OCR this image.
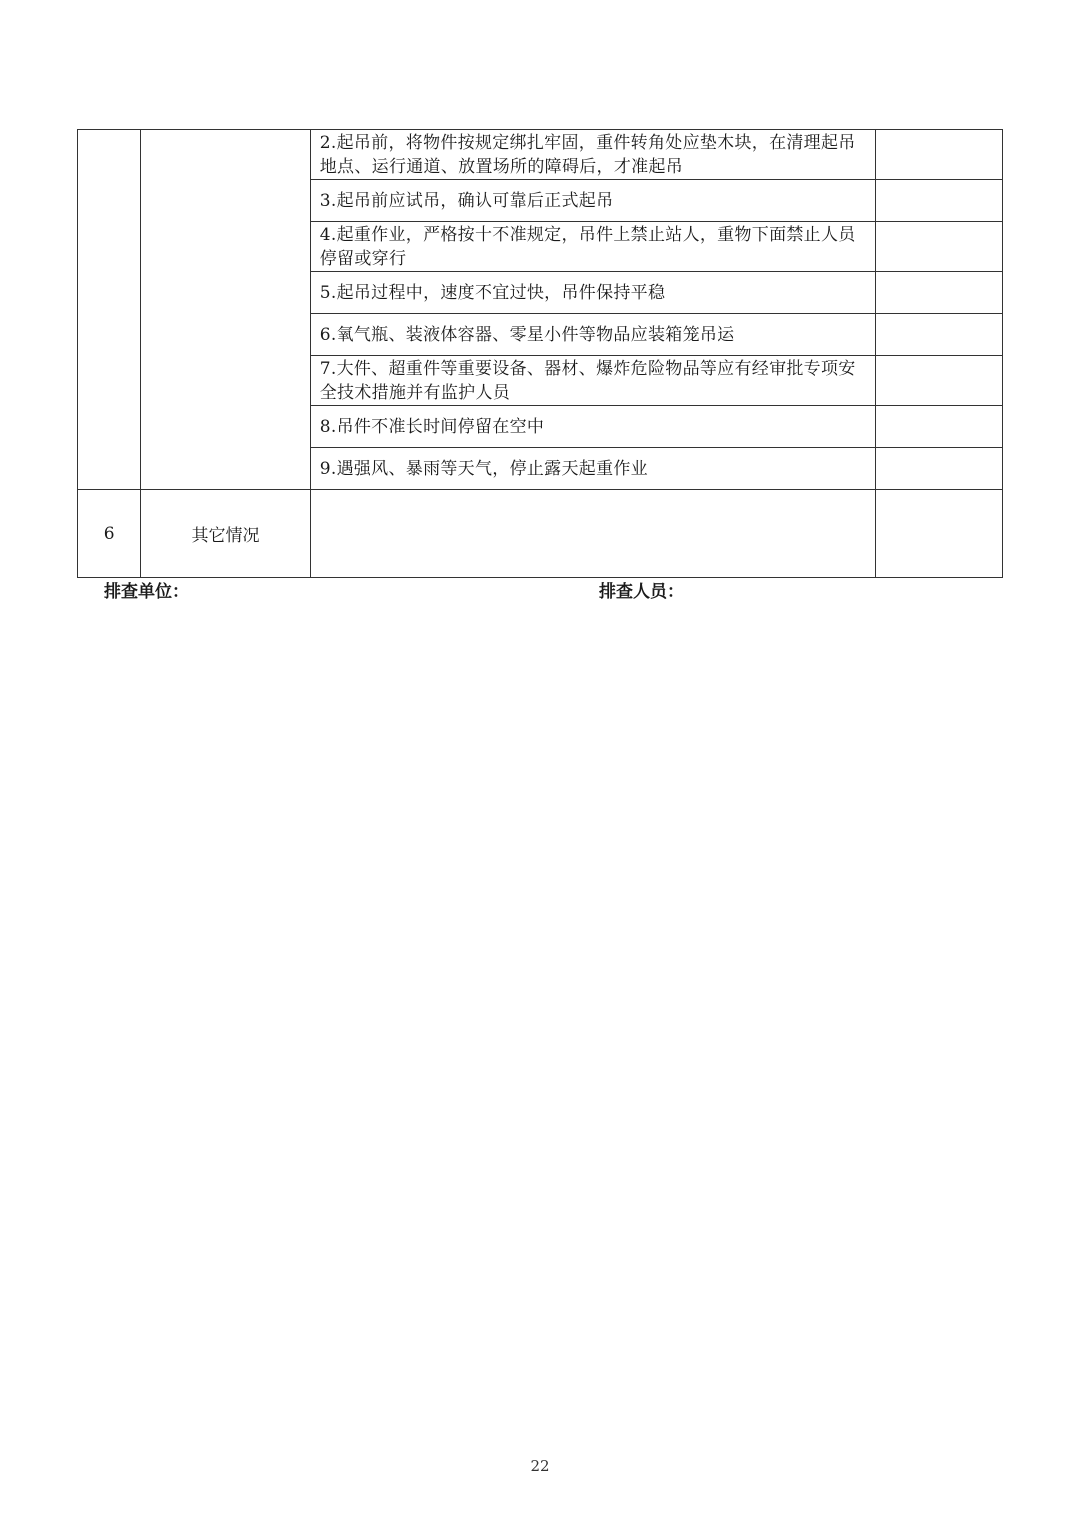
		2.起吊前，将物件按规定绑扎牢固，重件转角处应垫木块，在清理起吊地点、运行通道、放置场所的障碍后，才准起吊	

		3.起吊前应试吊，确认可靠后正式起吊	

		4.起重作业，严格按十不准规定，吊件上禁止站人，重物下面禁止人员停留或穿行	

		5.起吊过程中，速度不宜过快，吊件保持平稳	

		6.氧气瓶、装液体容器、零星小件等物品应装箱笼吊运	

		7.大件、超重件等重要设备、器材、爆炸危险物品等应有经审批专项安全技术措施并有监护人员	

		8.吊件不准长时间停留在空中	

		9.遇强风、暴雨等天气，停止露天起重作业	

6	其它情况		
排查单位：	排查人员：
22
